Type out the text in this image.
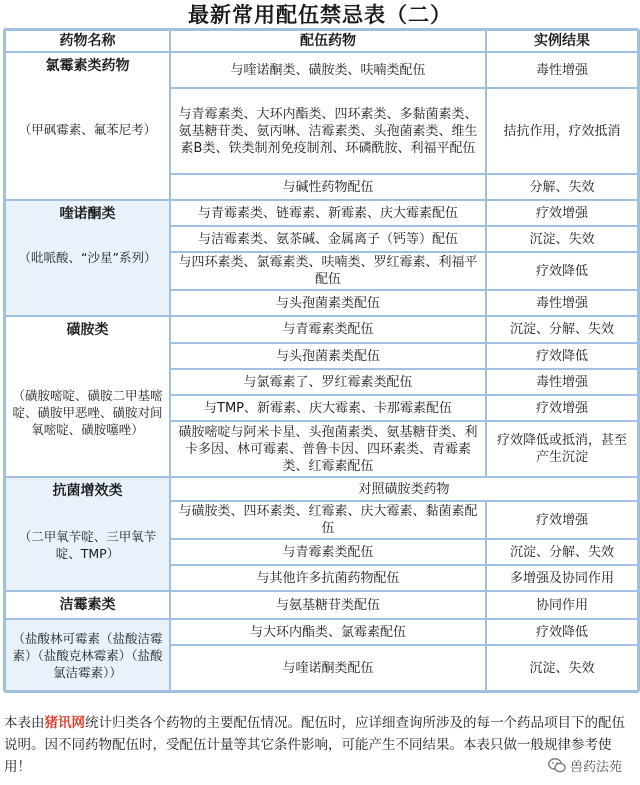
最新常用配伍禁忌表（二）
药物名称	配伍药物	实例结果

氯霉素类药物
（甲砜霉素、氟苯尼考）	与喹诺酮类、磺胺类、呋喃类配伍	毒性增强
	与青霉素类、大环内酯类、四环素类、多黏菌素类、氨基糖苷类、氨丙啉、洁霉素类、头孢菌素类、维生素B类、铁类制剂免疫制剂、环磷酰胺、利福平配伍	拮抗作用，疗效抵消
	与碱性药物配伍	分解、失效

喹诺酮类
（吡哌酸、“沙星”系列）	与青霉素类、链霉素、新霉素、庆大霉素配伍	疗效增强
	与洁霉素类、氨茶碱、金属离子（钙等）配伍	沉淀、失效
	与四环素类、氯霉素类、呋喃类、罗红霉素、利福平配伍	疗效降低
	与头孢菌素类配伍	毒性增强

磺胺类
（磺胺嘧啶、磺胺二甲基嘧啶、磺胺甲恶唑、磺胺对间氧嘧啶、磺胺噻唑）	与青霉素类配伍	沉淀、分解、失效
	与头孢菌素类配伍	疗效降低
	与氯霉素了、罗红霉素类配伍	毒性增强
	与TMP、新霉素、庆大霉素、卡那霉素配伍	疗效增强
	磺胺嘧啶与阿米卡星、头孢菌素类、氨基糖苷类、利卡多因、林可霉素、普鲁卡因、四环素类、青霉素类、红霉素配伍	疗效降低或抵消，甚至产生沉淀

抗菌增效类
（二甲氧苄啶、三甲氧苄啶、TMP）	对照磺胺类药物	
	与磺胺类、四环素类、红霉素、庆大霉素、黏菌素配伍	疗效增强
	与青霉素类配伍	沉淀、分解、失效
	与其他许多抗菌药物配伍	多增强及协同作用

洁霉素类	与氨基糖苷类配伍	协同作用
（盐酸林可霉素（盐酸洁霉素）（盐酸克林霉素）（盐酸氯洁霉素））	与大环内酯类、氯霉素配伍	疗效降低
	与喹诺酮类配伍	沉淀、失效
本表由猪讯网统计归类各个药物的主要配伍情况。配伍时，应详细查询所涉及的每一个药品项目下的配伍说明。因不同药物配伍时，受配伍计量等其它条件影响，可能产生不同结果。本表只做一般规律参考使用！	兽药法苑
